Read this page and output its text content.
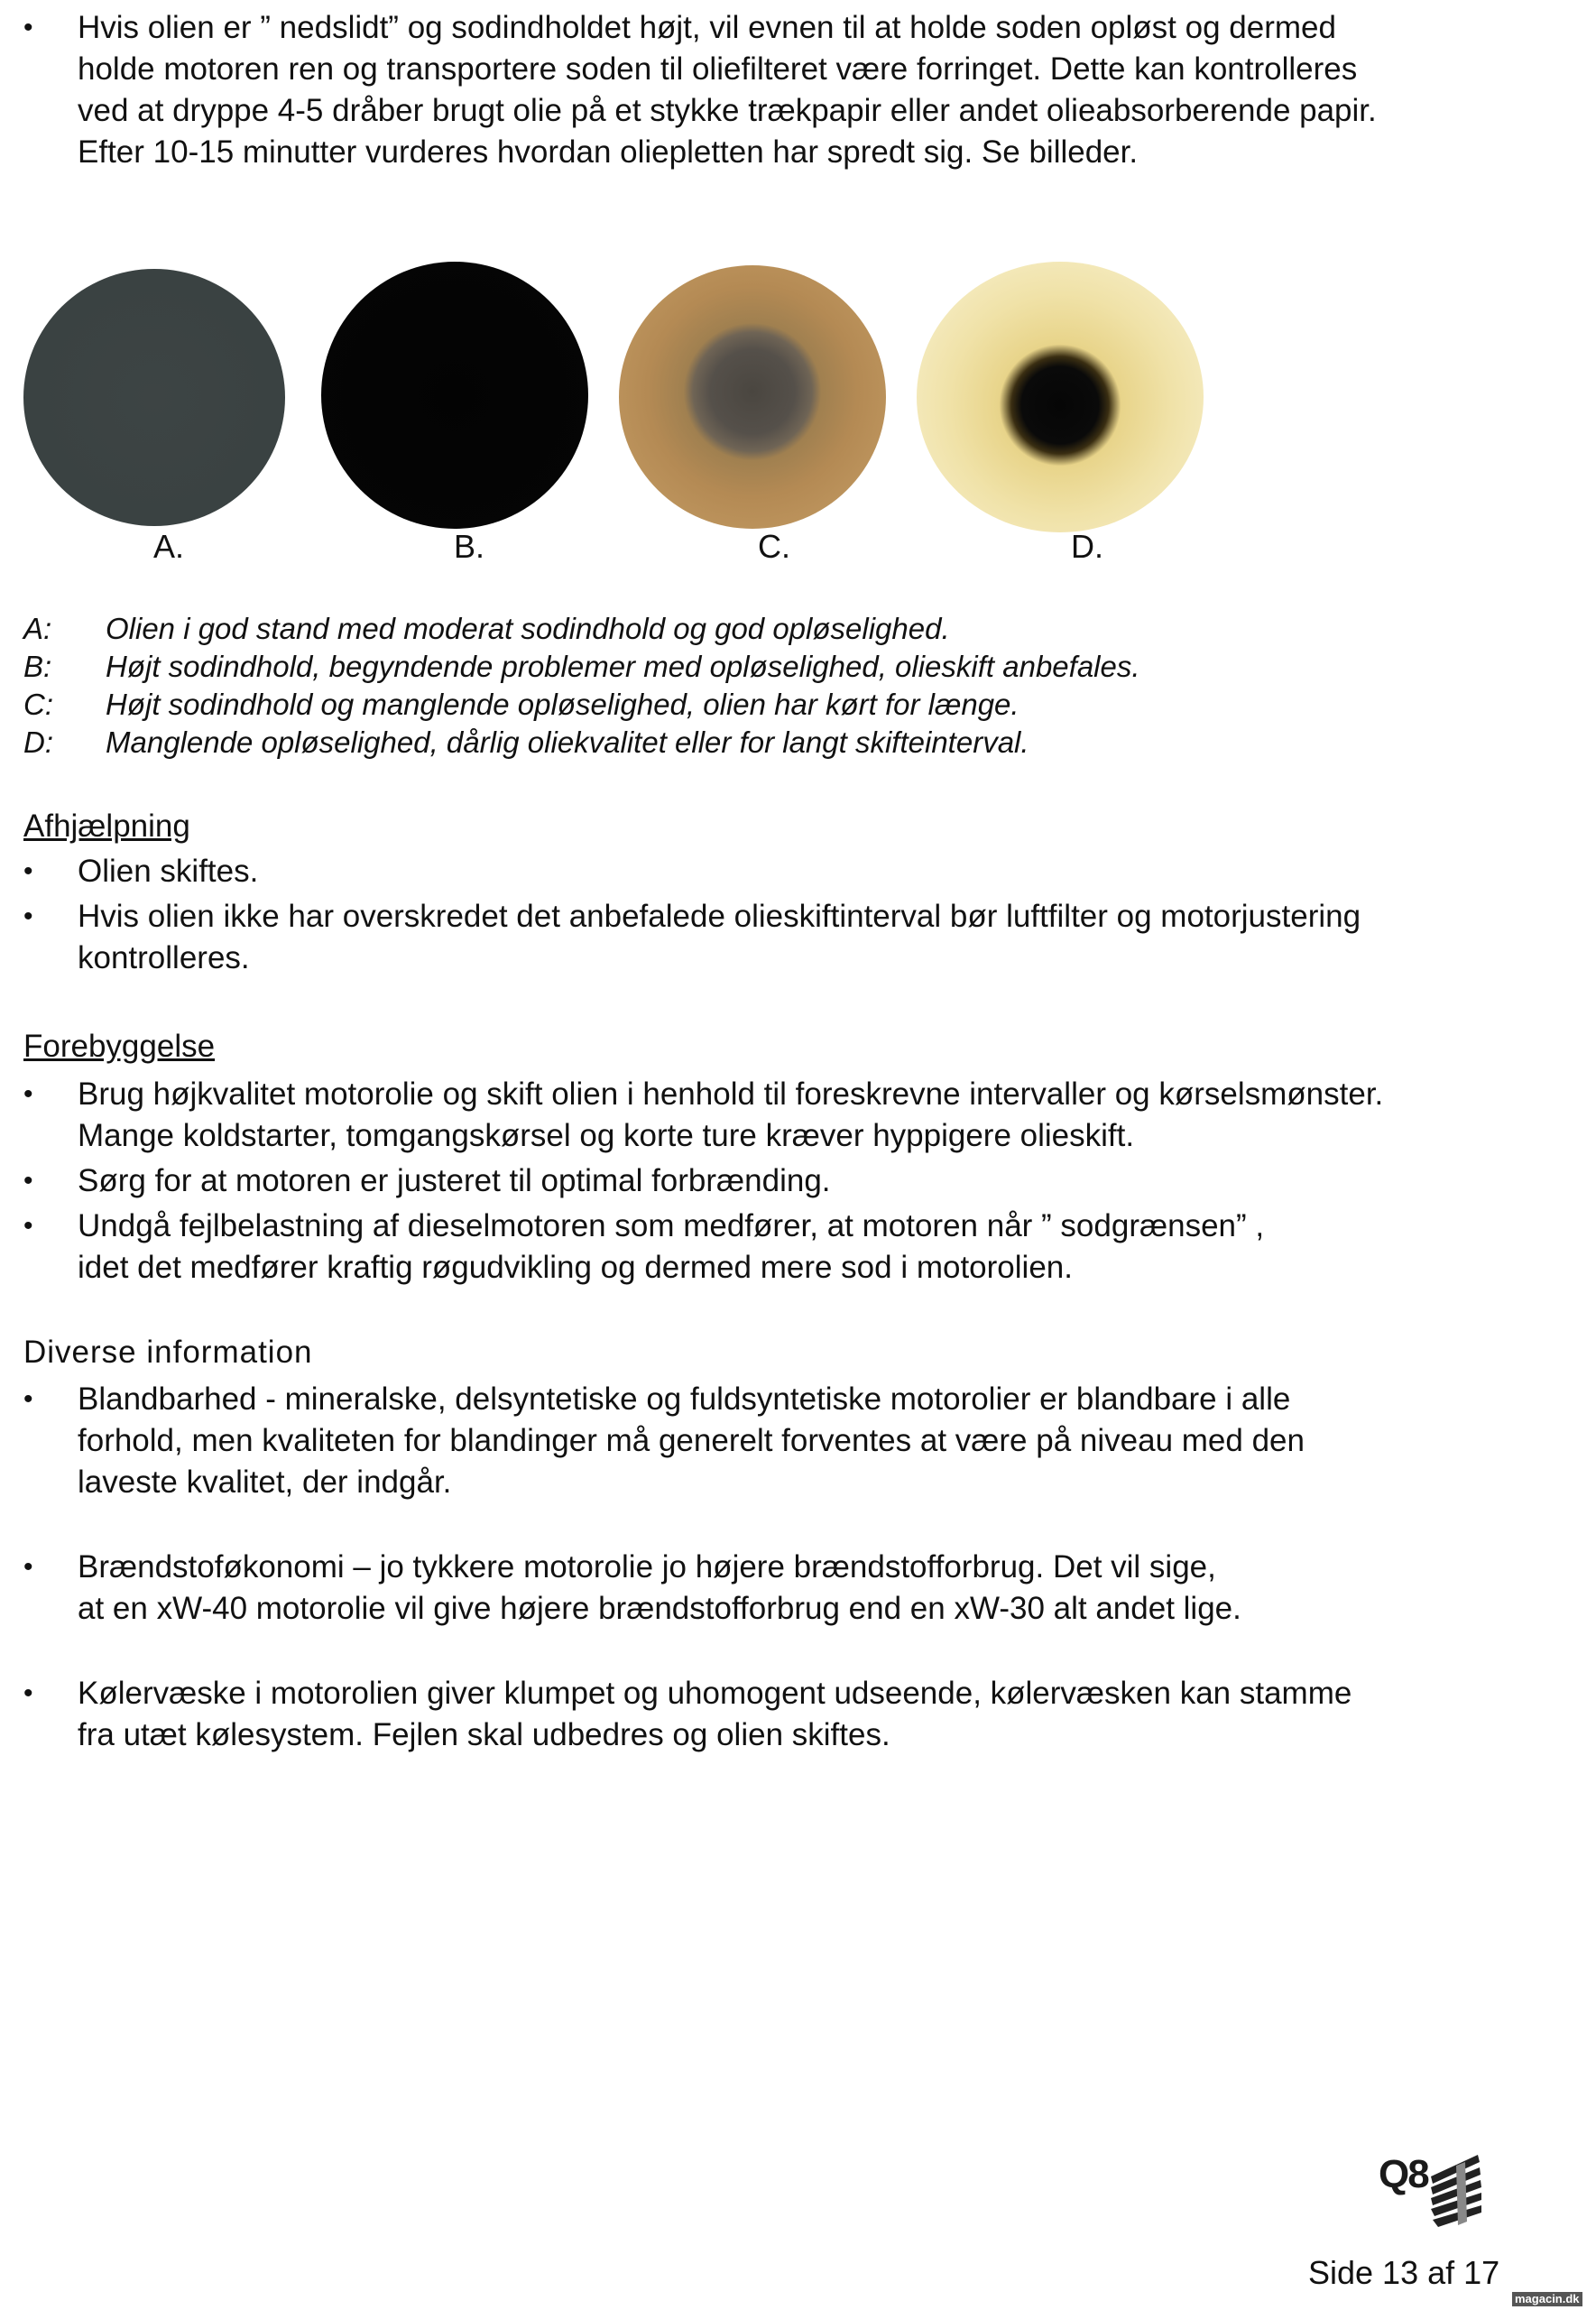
•	Hvis olien er ” nedslidt” og sodindholdet højt, vil evnen til at holde soden opløst og dermed
holde motoren ren og transportere soden til oliefilteret være forringet. Dette kan kontrolleres
ved at dryppe 4-5 dråber brugt olie på et stykke trækpapir eller andet olieabsorberende papir.
Efter 10-15 minutter vurderes hvordan oliepletten har spredt sig. Se billeder.
A.	B.	C.	D.
A:	Olien i god stand med moderat sodindhold og god opløselighed.
B:	Højt sodindhold, begyndende problemer med opløselighed, olieskift anbefales.
C:	Højt sodindhold og manglende opløselighed, olien har kørt for længe.
D:	Manglende opløselighed, dårlig oliekvalitet eller for langt skifteinterval.
Afhjælpning
•	Olien skiftes.
•	Hvis olien ikke har overskredet det anbefalede olieskiftinterval bør luftfilter og motorjustering
kontrolleres.
Forebyggelse
•	Brug højkvalitet motorolie og skift olien i henhold til foreskrevne intervaller og kørselsmønster.
Mange koldstarter, tomgangskørsel og korte ture kræver hyppigere olieskift.
•	Sørg for at motoren er justeret til optimal forbrænding.
•	Undgå fejlbelastning af dieselmotoren som medfører, at motoren når ” sodgrænsen” ,
idet det medfører kraftig røgudvikling og dermed mere sod i motorolien.
Diverse information
•	Blandbarhed - mineralske, delsyntetiske og fuldsyntetiske motorolier er blandbare i alle
forhold, men kvaliteten for blandinger må generelt forventes at være på niveau med den
laveste kvalitet, der indgår.
•	Brændstoføkonomi – jo tykkere motorolie jo højere brændstofforbrug. Det vil sige,
at en xW-40 motorolie vil give højere brændstofforbrug end en xW-30 alt andet lige.
•	Kølervæske i motorolien giver klumpet og uhomogent udseende, kølervæsken kan stamme
fra utæt kølesystem. Fejlen skal udbedres og olien skiftes.
Q8
Side 13 af 17
magacin.dk
